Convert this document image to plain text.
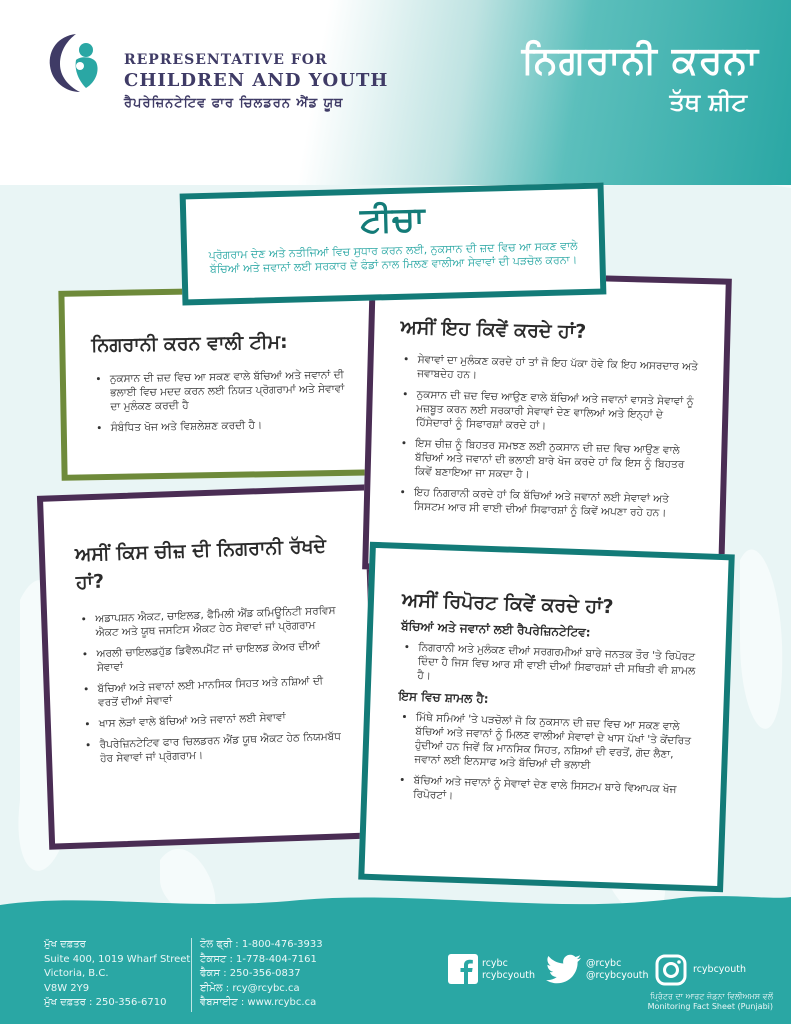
REPRESENTATIVE FOR
CHILDREN AND YOUTH
ਰੈਪਰੇਜ਼ਿਨਟੇਟਿਵ ਫਾਰ ਚਿਲਡਰਨ ਐਂਡ ਯੂਥ
ਨਿਗਰਾਨੀ ਕਰਨਾ
ਤੱਥ ਸ਼ੀਟ
ਟੀਚਾ

ਪ੍ਰੋਗਰਾਮ ਦੇਣ ਅਤੇ ਨਤੀਜਿਆਂ ਵਿਚ ਸੁਧਾਰ ਕਰਨ ਲਈ, ਨੁਕਸਾਨ ਦੀ ਜ਼ਦ ਵਿਚ ਆ ਸਕਣ ਵਾਲੇ ਬੱਚਿਆਂ ਅਤੇ ਜਵਾਨਾਂ ਲਈ ਸਰਕਾਰ ਦੇ ਫੰਡਾਂ ਨਾਲ ਮਿਲਣ ਵਾਲੀਆ ਸੇਵਾਵਾਂ ਦੀ ਪੜਚੋਲ ਕਰਨਾ।

ਨਿਗਰਾਨੀ ਕਰਨ ਵਾਲੀ ਟੀਮ:
• ਨੁਕਸਾਨ ਦੀ ਜ਼ਦ ਵਿਚ ਆ ਸਕਣ ਵਾਲੇ ਬੱਚਿਆਂ ਅਤੇ ਜਵਾਨਾਂ ਦੀ ਭਲਾਈ ਵਿਚ ਮਦਦ ਕਰਨ ਲਈ ਨਿਯਤ ਪ੍ਰੋਗਰਾਮਾਂ ਅਤੇ ਸੇਵਾਵਾਂ ਦਾ ਮੁਲੰਕਣ ਕਰਦੀ ਹੈ
• ਸੰਬੰਧਿਤ ਖੋਜ ਅਤੇ ਵਿਸ਼ਲੇਸ਼ਣ ਕਰਦੀ ਹੈ।
ਅਸੀਂ ਇਹ ਕਿਵੇਂ ਕਰਦੇ ਹਾਂ?
• ਸੇਵਾਵਾਂ ਦਾ ਮੁਲੰਕਣ ਕਰਦੇ ਹਾਂ ਤਾਂ ਜੋ ਇਹ ਪੱਕਾ ਹੋਵੇ ਕਿ ਇਹ ਅਸਰਦਾਰ ਅਤੇ ਜਵਾਬਦੇਹ ਹਨ।
• ਨੁਕਸਾਨ ਦੀ ਜ਼ਦ ਵਿਚ ਆਉਣ ਵਾਲੇ ਬੱਚਿਆਂ ਅਤੇ ਜਵਾਨਾਂ ਵਾਸਤੇ ਸੇਵਾਵਾਂ ਨੂੰ ਮਜ਼ਬੂਤ ਕਰਨ ਲਈ ਸਰਕਾਰੀ ਸੇਵਾਵਾਂ ਦੇਣ ਵਾਲਿਆਂ ਅਤੇ ਇਨ੍ਹਾਂ ਦੇ ਹਿੱਸੇਦਾਰਾਂ ਨੂੰ ਸਿਫਾਰਸ਼ਾਂ ਕਰਦੇ ਹਾਂ।
• ਇਸ ਚੀਜ਼ ਨੂੰ ਬਿਹਤਰ ਸਮਝਣ ਲਈ ਨੁਕਸਾਨ ਦੀ ਜ਼ਦ ਵਿਚ ਆਉਣ ਵਾਲੇ ਬੱਚਿਆਂ ਅਤੇ ਜਵਾਨਾਂ ਦੀ ਭਲਾਈ ਬਾਰੇ ਖੋਜ ਕਰਦੇ ਹਾਂ ਕਿ ਇਸ ਨੂੰ ਬਿਹਤਰ ਕਿਵੇਂ ਬਣਾਇਆ ਜਾ ਸਕਦਾ ਹੈ।
• ਇਹ ਨਿਗਰਾਨੀ ਕਰਦੇ ਹਾਂ ਕਿ ਬੱਚਿਆਂ ਅਤੇ ਜਵਾਨਾਂ ਲਈ ਸੇਵਾਵਾਂ ਅਤੇ ਸਿਸਟਮ ਆਰ ਸੀ ਵਾਈ ਦੀਆਂ ਸਿਫਾਰਸ਼ਾਂ ਨੂੰ ਕਿਵੇਂ ਅਪਣਾ ਰਹੇ ਹਨ।
ਅਸੀਂ ਕਿਸ ਚੀਜ਼ ਦੀ ਨਿਗਰਾਨੀ ਰੱਖਦੇ ਹਾਂ?
• ਅਡਾਪਸ਼ਨ ਐਕਟ, ਚਾਇਲਡ, ਫੈਮਿਲੀ ਐਂਡ ਕਮਿਊਨਿਟੀ ਸਰਵਿਸ ਐਕਟ ਅਤੇ ਯੂਥ ਜਸਟਿਸ ਐਕਟ ਹੇਠ ਸੇਵਾਵਾਂ ਜਾਂ ਪ੍ਰੋਗਰਾਮ
• ਅਰਲੀ ਚਾਇਲਡਹੁੱਡ ਡਿਵੈਲਪਮੈਂਟ ਜਾਂ ਚਾਇਲਡ ਕੇਅਰ ਦੀਆਂ ਸੇਵਾਵਾਂ
• ਬੱਚਿਆਂ ਅਤੇ ਜਵਾਨਾਂ ਲਈ ਮਾਨਸਿਕ ਸਿਹਤ ਅਤੇ ਨਸ਼ਿਆਂ ਦੀ ਵਰਤੋਂ ਦੀਆਂ ਸੇਵਾਵਾਂ
• ਖਾਸ ਲੋੜਾਂ ਵਾਲੇ ਬੱਚਿਆਂ ਅਤੇ ਜਵਾਨਾਂ ਲਈ ਸੇਵਾਵਾਂ
• ਰੈਪਰੇਜ਼ਿਨਟੇਟਿਵ ਫਾਰ ਚਿਲਡਰਨ ਐਂਡ ਯੂਥ ਐਕਟ ਹੇਠ ਨਿਯਮਬੱਧ ਹੋਰ ਸੇਵਾਵਾਂ ਜਾਂ ਪ੍ਰੋਗਰਾਮ।
ਅਸੀਂ ਰਿਪੋਰਟ ਕਿਵੇਂ ਕਰਦੇ ਹਾਂ?
ਬੱਚਿਆਂ ਅਤੇ ਜਵਾਨਾਂ ਲਈ ਰੈਪਰੇਜ਼ਿਨਟੇਟਿਵ:
• ਨਿਗਰਾਨੀ ਅਤੇ ਮੁਲੰਕਣ ਦੀਆਂ ਸਰਗਰਮੀਆਂ ਬਾਰੇ ਜਨਤਕ ਤੌਰ 'ਤੇ ਰਿਪੋਰਟ ਦਿੰਦਾ ਹੈ ਜਿਸ ਵਿਚ ਆਰ ਸੀ ਵਾਈ ਦੀਆਂ ਸਿਫਾਰਸ਼ਾਂ ਦੀ ਸਥਿਤੀ ਵੀ ਸ਼ਾਮਲ ਹੈ।
ਇਸ ਵਿਚ ਸ਼ਾਮਲ ਹੈ:
• ਮਿੱਥੇ ਸਮਿਆਂ 'ਤੇ ਪੜਚੋਲਾਂ ਜੋ ਕਿ ਨੁਕਸਾਨ ਦੀ ਜ਼ਦ ਵਿਚ ਆ ਸਕਣ ਵਾਲੇ ਬੱਚਿਆਂ ਅਤੇ ਜਵਾਨਾਂ ਨੂੰ ਮਿਲਣ ਵਾਲੀਆਂ ਸੇਵਾਵਾਂ ਦੇ ਖਾਸ ਪੱਖਾਂ 'ਤੇ ਕੇਂਦਰਿਤ ਹੁੰਦੀਆਂ ਹਨ ਜਿਵੇਂ ਕਿ ਮਾਨਸਿਕ ਸਿਹਤ, ਨਸ਼ਿਆਂ ਦੀ ਵਰਤੋਂ, ਗੋਦ ਲੈਣਾ, ਜਵਾਨਾਂ ਲਈ ਇਨਸਾਫ ਅਤੇ ਬੱਚਿਆਂ ਦੀ ਭਲਾਈ
• ਬੱਚਿਆਂ ਅਤੇ ਜਵਾਨਾਂ ਨੂੰ ਸੇਵਾਵਾਂ ਦੇਣ ਵਾਲੇ ਸਿਸਟਮ ਬਾਰੇ ਵਿਆਪਕ ਖੋਜ ਰਿਪੋਰਟਾਂ।
ਮੁੱਖ ਦਫ਼ਤਰ
Suite 400, 1019 Wharf Street
Victoria, B.C.
V8W 2Y9
ਮੁੱਖ ਦਫ਼ਤਰ : 250-356-6710
ਟੋਲ ਫ੍ਰੀ : 1-800-476-3933
ਟੈਕਸਟ : 1-778-404-7161
ਫੈਕਸ : 250-356-0837
ਈਮੇਲ : rcy@rcybc.ca
ਵੈਬਸਾਈਟ : www.rcybc.ca
rcybc
rcybcyouth
@rcybc
@rcybcyouth
rcybcyouth
ਪ੍ਰਿੰਟਰ ਦਾ ਆਰਟ ਜੋਡ਼ਨਾ ਵਿਲੀਅਮਸ ਵਲੋਂ
Monitoring Fact Sheet (Punjabi)
